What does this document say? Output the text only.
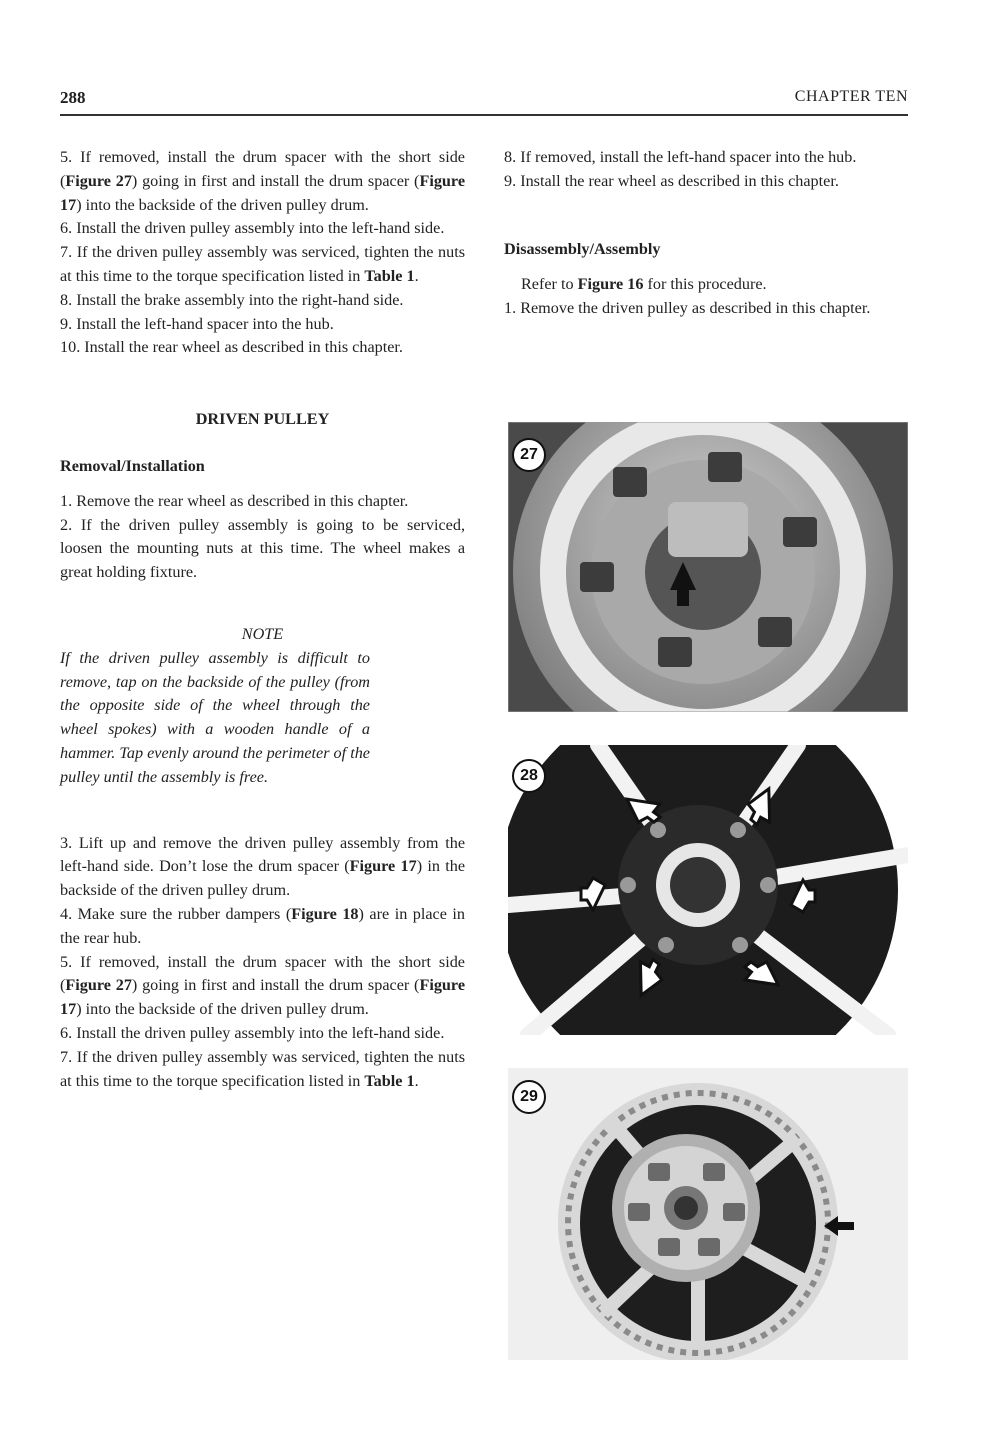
288	CHAPTER TEN

5. If removed, install the drum spacer with the short side (Figure 27) going in first and install the drum spacer (Figure 17) into the backside of the driven pulley drum.

6. Install the driven pulley assembly into the left-hand side.

7. If the driven pulley assembly was serviced, tighten the nuts at this time to the torque specification listed in Table 1.

8. Install the brake assembly into the right-hand side.

9. Install the left-hand spacer into the hub.

10. Install the rear wheel as described in this chapter.

DRIVEN PULLEY

Removal/Installation

1. Remove the rear wheel as described in this chapter.

2. If the driven pulley assembly is going to be serviced, loosen the mounting nuts at this time. The wheel makes a great holding fixture.

NOTE

If the driven pulley assembly is difficult to remove, tap on the backside of the pulley (from the opposite side of the wheel through the wheel spokes) with a wooden handle of a hammer. Tap evenly around the perimeter of the pulley until the assembly is free.

3. Lift up and remove the driven pulley assembly from the left-hand side. Don’t lose the drum spacer (Figure 17) in the backside of the driven pulley drum.

4. Make sure the rubber dampers (Figure 18) are in place in the rear hub.

5. If removed, install the drum spacer with the short side (Figure 27) going in first and install the drum spacer (Figure 17) into the backside of the driven pulley drum.

6. Install the driven pulley assembly into the left-hand side.

7. If the driven pulley assembly was serviced, tighten the nuts at this time to the torque specification listed in Table 1.

8. If removed, install the left-hand spacer into the hub.

9. Install the rear wheel as described in this chapter.

Disassembly/Assembly

Refer to Figure 16 for this procedure.

1. Remove the driven pulley as described in this chapter.

27
28
29
